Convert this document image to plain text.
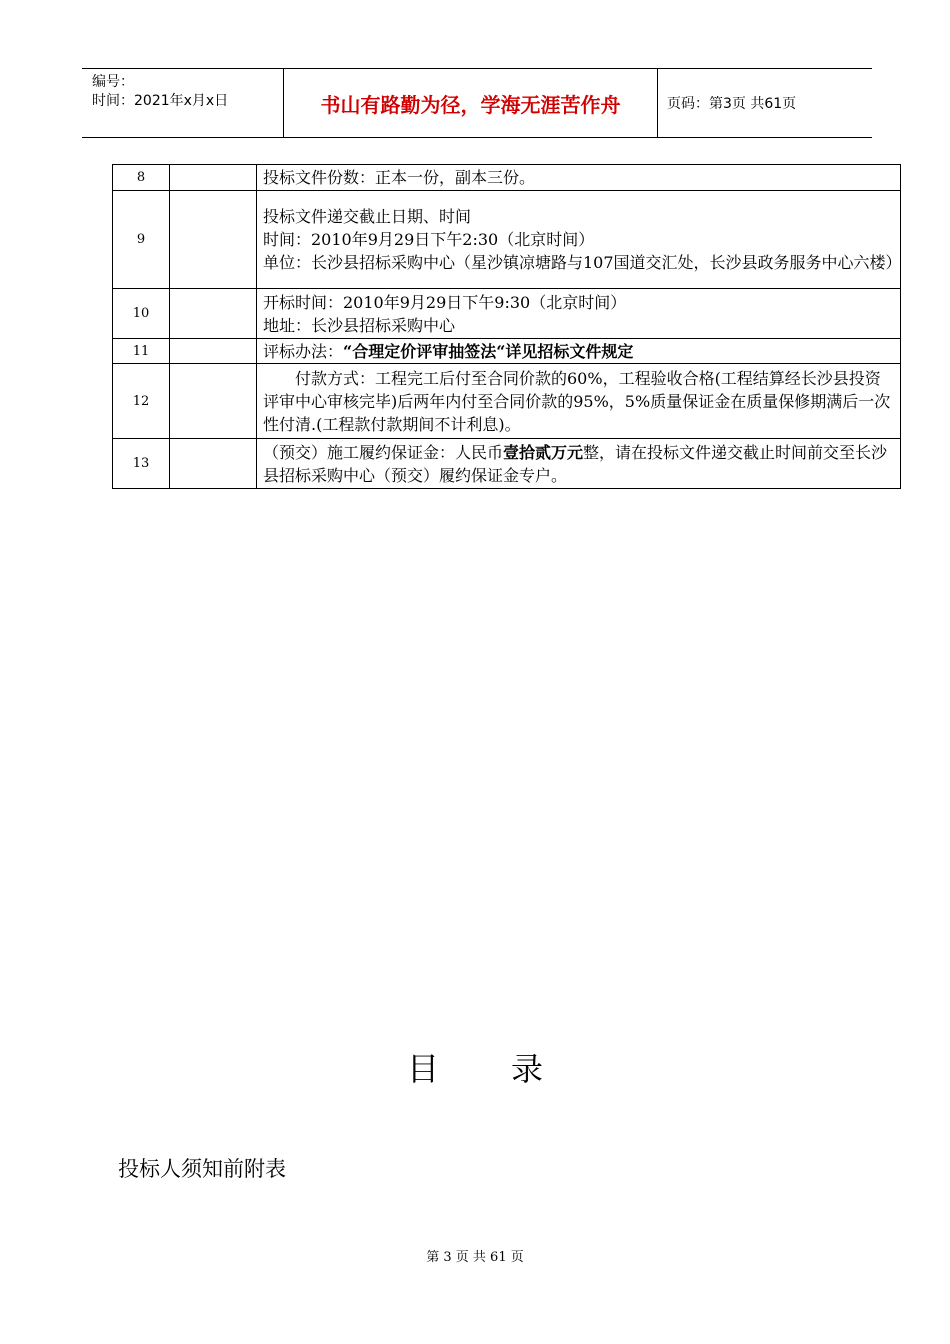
编号：
时间：2021年x月x日	书山有路勤为径，学海无涯苦作舟	页码：第3页 共61页
8		投标文件份数：正本一份，副本三份。

9		投标文件递交截止日期、时间
时间：2010年9月29日下午2:30（北京时间）
单位：长沙县招标采购中心（星沙镇凉塘路与107国道交汇处，长沙县政务服务中心六楼）

10		开标时间：2010年9月29日下午9:30（北京时间）
地址：长沙县招标采购中心

11		评标办法：“合理定价评审抽签法“详见招标文件规定
12		付款方式：工程完工后付至合同价款的60%，工程验收合格(工程结算经长沙县投资评审中心审核完毕)后两年内付至合同价款的95%，5%质量保证金在质量保修期满后一次性付清.(工程款付款期间不计利息)。

13		（预交）施工履约保证金：人民币壹拾贰万元整，请在投标文件递交截止时间前交至长沙县招标采购中心（预交）履约保证金专户。
目 录
投标人须知前附表
第 3 页 共 61 页
